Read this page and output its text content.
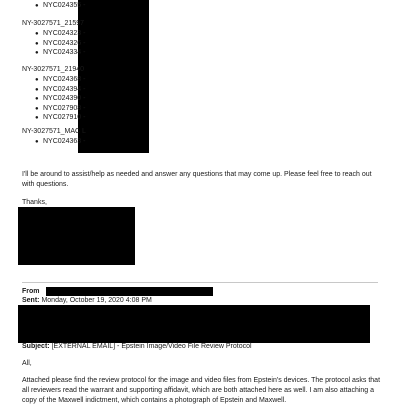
● NYC024355 -
NY-3027571_21597
● NYC024323 -
● NYC024326 -
● NYC024334 -
NY-3027571_21940
● NYC024368 -
● NYC024394 -
● NYC024390 -
● NYC027908 -
● NYC027910 -
NY-3027571_MAC L
● NYC024363 -
I'll be around to assist/help as needed and answer any questions that may come up. Please feel free to reach out with questions.
Thanks,
From
Sent: Monday, October 19, 2020 4:08 PM
Subject: [EXTERNAL EMAIL] - Epstein Image/Video File Review Protocol
All,
Attached please find the review protocol for the image and video files from Epstein's devices. The protocol asks that all reviewers read the warrant and supporting affidavit, which are both attached here as well. I am also attaching a copy of the Maxwell indictment, which contains a photograph of Epstein and Maxwell.
